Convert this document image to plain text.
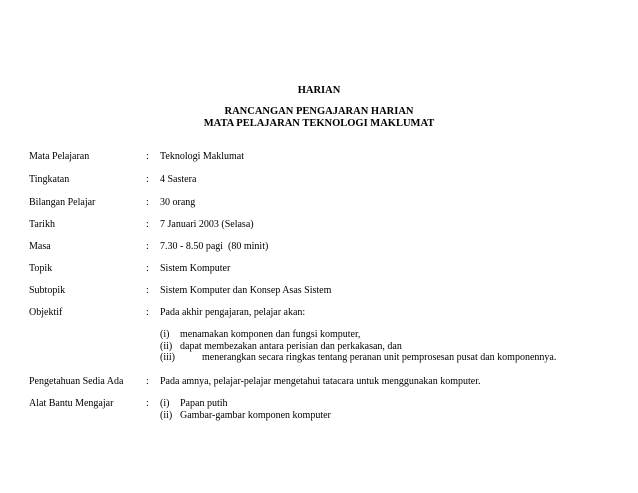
HARIAN
RANCANGAN PENGAJARAN HARIAN
MATA PELAJARAN TEKNOLOGI MAKLUMAT
Mata Pelajaran	: Teknologi Maklumat
Tingkatan	: 4 Sastera
Bilangan Pelajar	: 30 orang
Tarikh	: 7 Januari 2003 (Selasa)
Masa	: 7.30 - 8.50 pagi  (80 minit)
Topik	: Sistem Komputer
Subtopik	: Sistem Komputer dan Konsep Asas Sistem
Objektif	: Pada akhir pengajaran, pelajar akan:
(i) menamakan komponen dan fungsi komputer,
(ii) dapat membezakan antara perisian dan perkakasan, dan
(iii)	menerangkan secara ringkas tentang peranan unit pemprosesan pusat dan komponennya.
Pengetahuan Sedia Ada : Pada amnya, pelajar-pelajar mengetahui tatacara untuk menggunakan komputer.
Alat Bantu Mengajar	: (i) Papan putih
(ii) Gambar-gambar komponen komputer
